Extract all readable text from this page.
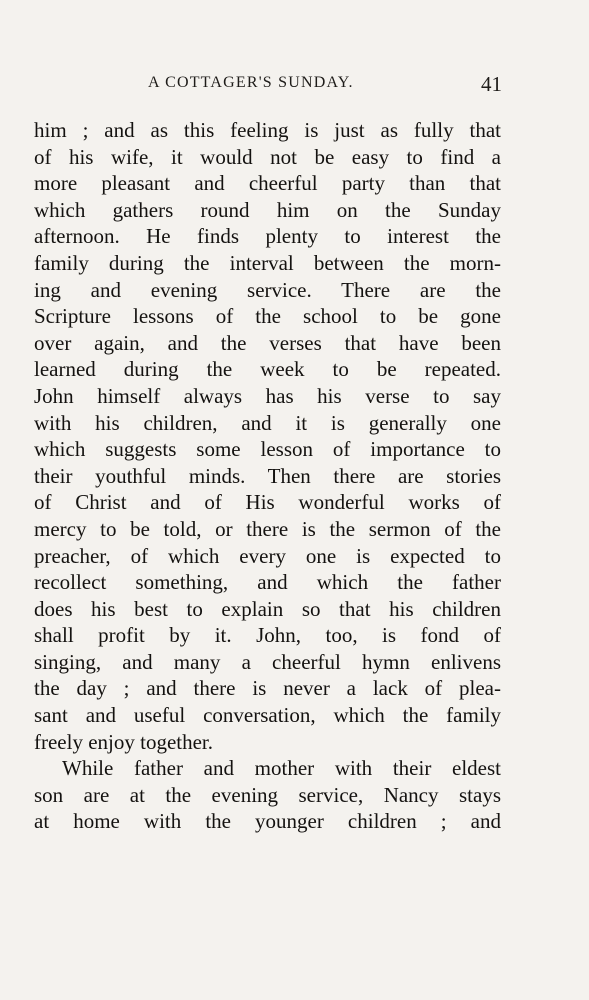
A COTTAGER'S SUNDAY.	41
him ; and as this feeling is just as fully that
of his wife, it would not be easy to find a
more pleasant and cheerful party than that
which gathers round him on the Sunday
afternoon. He finds plenty to interest the
family during the interval between the morn-
ing and evening service. There are the
Scripture lessons of the school to be gone
over again, and the verses that have been
learned during the week to be repeated.
John himself always has his verse to say
with his children, and it is generally one
which suggests some lesson of importance to
their youthful minds. Then there are stories
of Christ and of His wonderful works of
mercy to be told, or there is the sermon of the
preacher, of which every one is expected to
recollect something, and which the father
does his best to explain so that his children
shall profit by it. John, too, is fond of
singing, and many a cheerful hymn enlivens
the day ; and there is never a lack of plea-
sant and useful conversation, which the family
freely enjoy together.
While father and mother with their eldest
son are at the evening service, Nancy stays
at home with the younger children ; and
